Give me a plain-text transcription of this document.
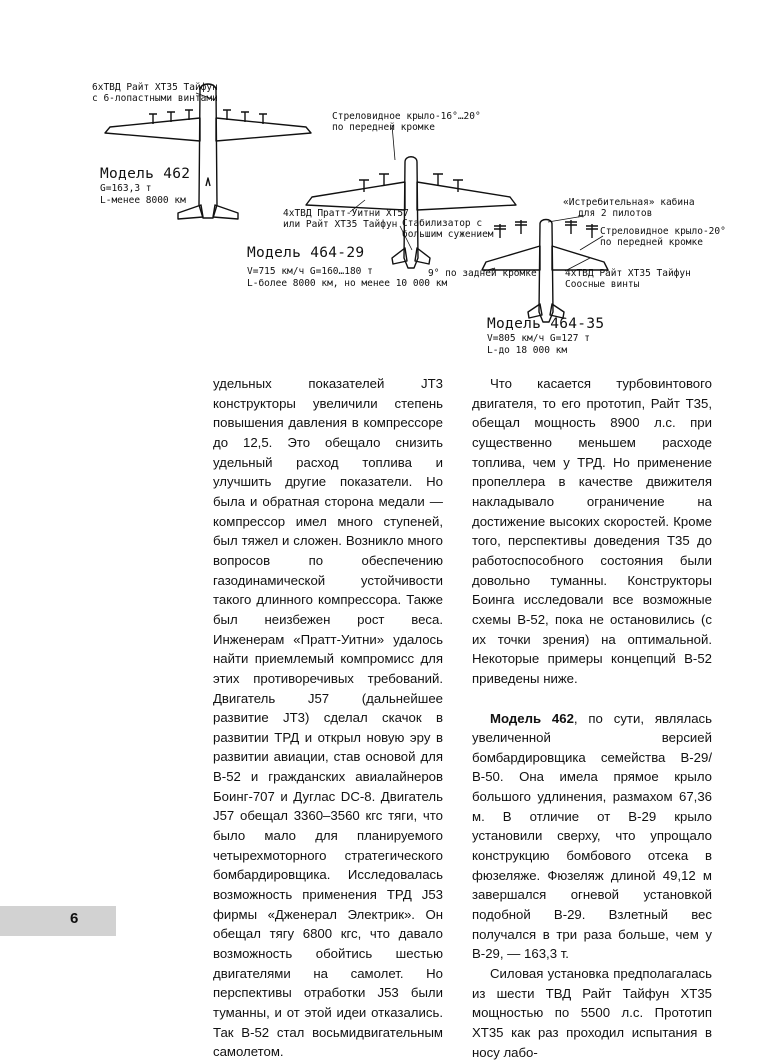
6хТВД Райт ХТ35 Тайфун
с 6-лопастными винтами
Модель 462
G=163,3 т
L-менее 8000 км
Стреловидное крыло-16°…20°
по передней кромке
4хТВД Пратт-Уитни ХТ57
или Райт ХТ35 Тайфун Стабилизатор с
большим сужением
Модель 464-29
V=715 км/ч G=160…180 т
L-более 8000 км, но менее 10 000 км
«Истребительная» кабина
для 2 пилотов
Стреловидное крыло-20°
по передней кромке
9° по задней кромке	4хТВД Райт ХТ35 Тайфун
Соосные винты
Модель 464-35
V=805 км/ч G=127 т
L-до 18 000 км

удельных показателей JT3 конструкторы увеличили степень повышения давления в компрессоре до 12,5. Это обещало снизить удельный расход топлива и улучшить другие показатели. Но была и обратная сторона медали — компрессор имел много ступеней, был тяжел и сложен. Возникло много вопросов по обеспечению газодинамической устойчивости такого длинного компрессора. Также был неизбежен рост веса. Инженерам «Пратт-Уитни» удалось найти приемлемый компромисс для этих противоречивых требований. Двигатель J57 (дальнейшее развитие JT3) сделал скачок в развитии ТРД и открыл новую эру в развитии авиации, став основой для В-52 и гражданских авиалайнеров Боинг-707 и Дуглас DC-8. Двигатель J57 обещал 3360–3560 кгс тяги, что было мало для планируемого четырехмоторного стратегического бомбардировщика. Исследовалась возможность применения ТРД J53 фирмы «Дженерал Электрик». Он обещал тягу 6800 кгс, что давало возможность обойтись шестью двигателями на самолет. Но перспективы отработки J53 были туманны, и от этой идеи отказались. Так В-52 стал восьмидвигательным самолетом.

Что касается турбовинтового двигателя, то его прототип, Райт Т35, обещал мощность 8900 л.с. при существенно меньшем расходе топлива, чем у ТРД. Но применение пропеллера в качестве движителя накладывало ограничение на достижение высоких скоростей. Кроме того, перспективы доведения Т35 до работоспособного состояния были довольно туманны. Конструкторы Боинга исследовали все возможные схемы В-52, пока не остановились (с их точки зрения) на оптимальной. Некоторые примеры концепций В-52 приведены ниже.

Модель 462, по сути, являлась увеличенной версией бомбардировщика семейства В-29/В-50. Она имела прямое крыло большого удлинения, размахом 67,36 м. В отличие от В-29 крыло установили сверху, что упрощало конструкцию бомбового отсека в фюзеляже. Фюзеляж длиной 49,12 м завершался огневой установкой подобной В-29. Взлетный вес получался в три раза больше, чем у В-29, — 163,3 т.

Силовая установка предполагалась из шести ТВД Райт Тайфун ХТ35 мощностью по 5500 л.с. Прототип ХТ35 как раз проходил испытания в носу лабо-

6
